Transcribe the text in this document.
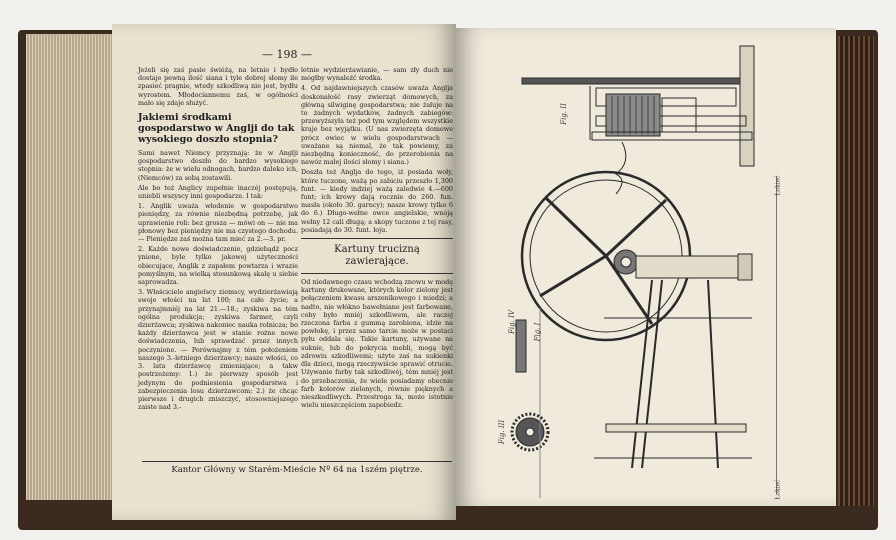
— 198 —

Jeżeli się zaś pasie świéżą, na letnio i hydło dostaje pewną ilość siana i tyle dobrej słomy ile zpasieć pragnie, wtedy szkodliwą nie jest, bydłu wyrostem. Młodociannemu zaś, w ogólności mało się zdaje służyć.

Jakiemi środkami gospodarstwo w Anglji do tak wysokiego doszło stopnia?

Sami nawet Niemcy przyznają: że w Anglji gospodarstwo doszło do bardzo wysokiego stopnia: że w wielu odnogach, bardzo daleko ich, (Niemców) za sobą zostawili.

Ale bo też Anglicy zupełnie inaczéj postępują, uniebli wszyscy inni gospodarze. I tak:

1. Anglik uważa włodenie w gospodarstwo pieniędzy, za równie niezbędną potrzebę, jak uprawienie roli: bez grosza — mówi on — nie ma płonowy bez pieniędzy nie ma czystego dochodu. — Pieniędze zaś można tam mieć za 2.—3. pr.

2. Każde nowe doświadczenie, gdziebądź pocz ynione, byle tylko jakowej użyteczności obiecujące, Anglik z zapałem powtarza i wrazie pomyślnym, na wielką stosunkową skalę u siebie saprowadza.

3. Właściciele angielscy ziemscy, wydzierżawiają swoje włości na lat 100; na całe życie; a przynajmniéj na lat 21.—18.; zyskiwa na tém ogólna produkcja; zyskiwa farmer, czyli dzierżawca; zyskiwa nakoniec nauka rolnicza; bo każdy dzierżawca jest w stanie rożne nowe doświadczenia, lub sprawdzać przez innych poczynione. — Porównajmy z tém położeniem naszego 3.-letniego dzierżawcy; nasze włości, co 3. lata dzierżawcę zmieniające; a takw postrzeżemy: 1.) że pierwszy sposób jest jedynym do podniesienia gospodarstwa i zabezpieczenia losu dzierżawcom; 2.) że chcąc pierwsze i drugich zniszczyć, stosowniejszego zaiste nad 3.-

letnie wydzierżawianie, — sam zły duch nie mógłby wynaleźć środka.

4. Od najdawniejszych czasów uważa Anglja doskonałość rasy zwierząt domowych, za główną silwiginę gospodarstwa; nie żałuje na to żadnych wydatków, żadnych zabiegów: przewyższyła też pod tym względem wszystkie kraje bez wyjątku. (U nas zwierzęta domowe prócz owiec w wielu gospodarstwach — uważane są niemal, że tak powiemy, za niezbędną konieczność, do przerobienia na nawóz małej ilości słomy i siana.)

Doszła też Anglja do tego, iż posiada woły, które tuczone, ważą po zabiciu przeszło 1,300 funt. — kiedy indziej ważą zaledwie 4.—600 funt; ich krowy dają rocznie do 260. fun. masła (około 30. garncy); nasze krowy tylko 6 do 6.) Długo-wełne owce angielskie, wnóją wełny 12 cali długą; a skopy tuczone z tej rasy, posiadają do 30. funt. łoju.

Kartuny trucizną zawierające.

Od niedawnego czasu wchodzą znowu w modę kartuny drukowane, których kolor zielony jest połączeniem kwasu arszenikowego i miedzi; a nadto, nie włókno bawełniane jest farbowane, coby było mniéj szkodliwem, ale raczej rzeczona farba z gummą zarobiona, idzie na powłokę, i przez samo tarcie może w postaci pyłu oddala się. Takie kartuny, używane na suknie, lub do pokrycia mebli, mogą być zdrowiu szkodliwemi; użyte zaś na sukienki dla dzieci, mogą rzeczywiście sprawić otrucie. Używanie farby tak szkodliwéj, tém mniéj jest do przebaczenia, że wiele posiadamy obecnie farb kolorów zielonych, równie pięknych a nieszkodliwych. Przestroga ta, może istotnie wielu nieszczęściom zapobiedz.

Kantor Główny w Starém-Mieście Nº 64 na 1szém piętrze.
Fig. II
Fig. IV Fig. I
Fig. III
Łokieć
Łokieć
